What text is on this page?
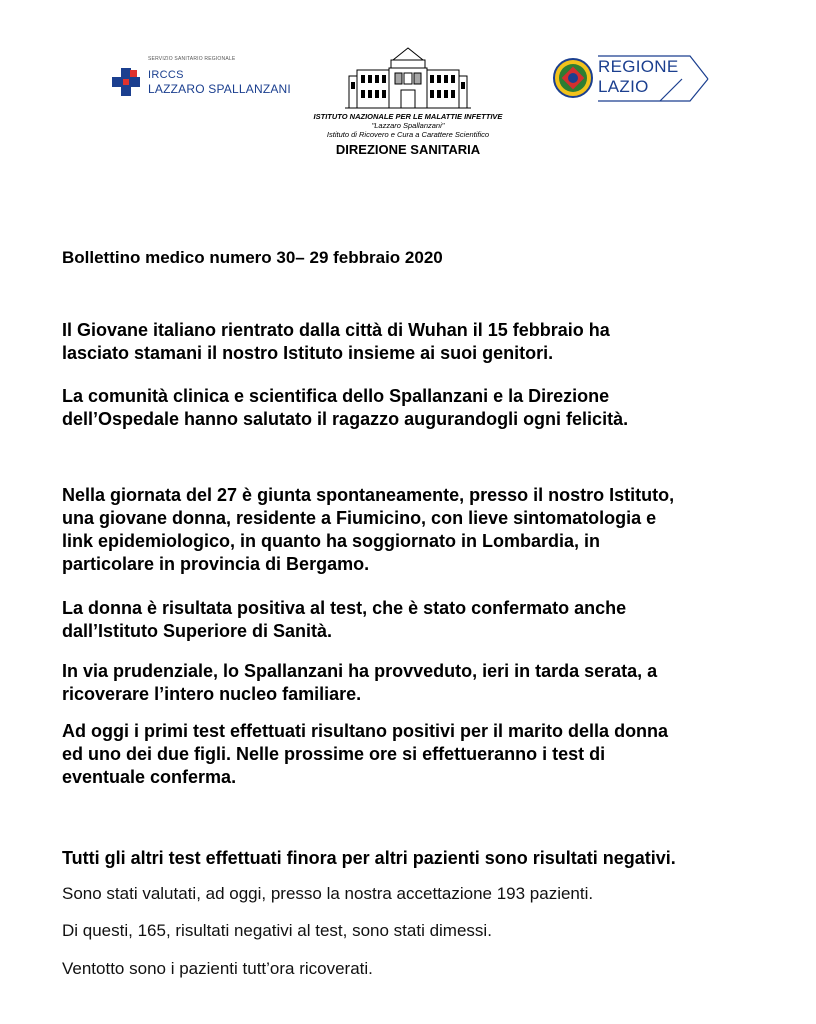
SERVIZIO SANITARIO REGIONALE
IRCCS
LAZZARO SPALLANZANI
ISTITUTO NAZIONALE PER LE MALATTIE INFETTIVE
"Lazzaro Spallanzani"
Istituto di Ricovero e Cura a Carattere Scientifico
DIREZIONE SANITARIA
REGIONE
LAZIO
Bollettino medico numero 30– 29 febbraio 2020
Il Giovane italiano rientrato dalla città di Wuhan il 15 febbraio ha
lasciato stamani il nostro Istituto insieme ai suoi genitori.
La comunità clinica e scientifica dello Spallanzani e la Direzione
dell’Ospedale hanno salutato il ragazzo augurandogli ogni felicità.
Nella giornata del 27 è giunta spontaneamente, presso il nostro Istituto,
una giovane donna, residente a Fiumicino, con lieve sintomatologia e
link epidemiologico, in quanto ha soggiornato in Lombardia, in
particolare in provincia di Bergamo.
La donna è risultata positiva al test, che è stato confermato anche
dall’Istituto Superiore di Sanità.
In via prudenziale, lo Spallanzani ha provveduto, ieri in tarda serata, a
ricoverare l’intero nucleo familiare.
Ad oggi i primi test effettuati risultano positivi per il marito della donna
ed uno dei due figli. Nelle prossime ore si effettueranno i test di
eventuale conferma.
Tutti gli altri test effettuati finora per altri pazienti sono risultati negativi.
Sono stati valutati, ad oggi, presso la nostra accettazione 193 pazienti.
Di questi, 165, risultati negativi al test, sono stati dimessi.
Ventotto sono i pazienti tutt’ora ricoverati.
